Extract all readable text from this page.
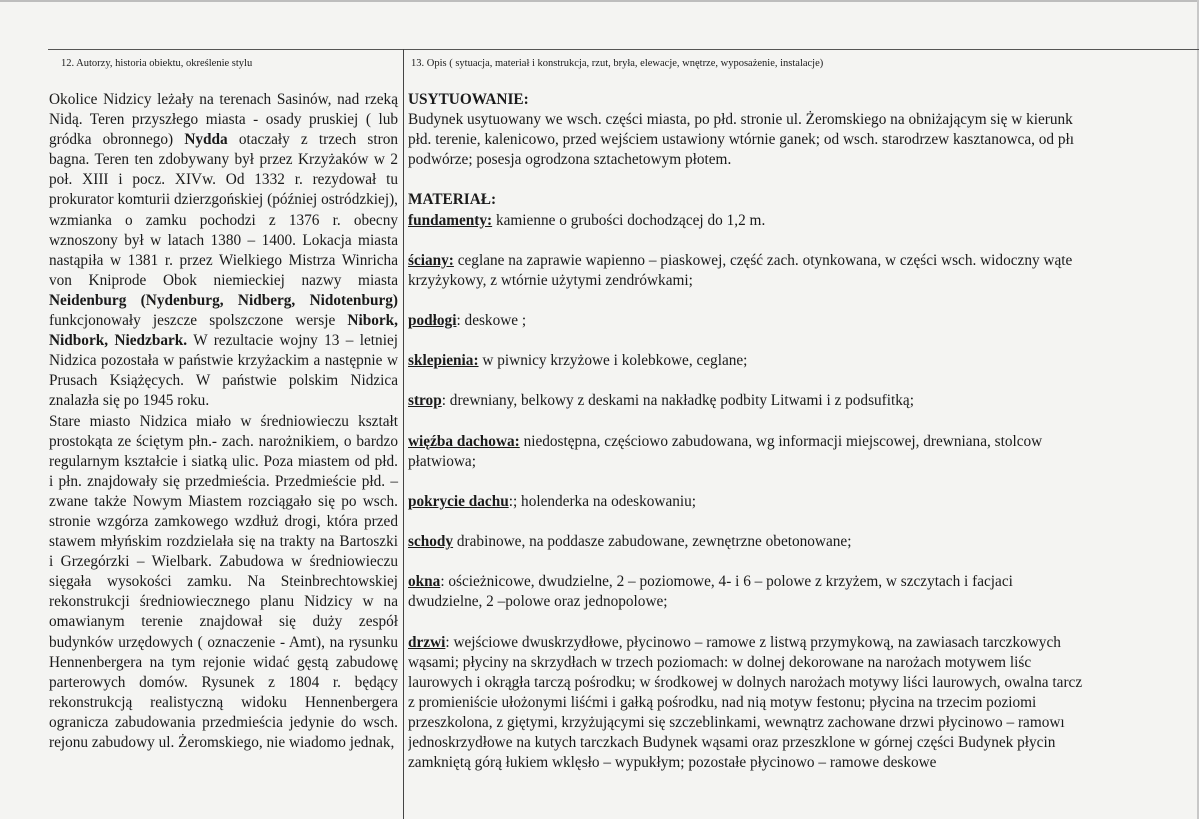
12. Autorzy, historia obiektu, określenie stylu	13. Opis ( sytuacja, materiał i konstrukcja, rzut, bryła, elewacje, wnętrze, wyposażenie, instalacje)

Okolice Nidzicy leżały na terenach Sasinów, nad rzeką Nidą. Teren przyszłego miasta - osady pruskiej ( lub gródka obronnego) Nydda otaczały z trzech stron bagna. Teren ten zdobywany był przez Krzyżaków w 2 poł. XIII i pocz. XIVw. Od 1332 r. rezydował tu prokurator komturii dzierzgońskiej (później ostródzkiej), wzmianka o zamku pochodzi z 1376 r. obecny wznoszony był w latach 1380 – 1400. Lokacja miasta nastąpiła w 1381 r. przez Wielkiego Mistrza Winricha von Kniprode Obok niemieckiej nazwy miasta Neidenburg (Nydenburg, Nidberg, Nidotenburg) funkcjonowały jeszcze spolszczone wersje Nibork, Nidbork, Niedzbark. W rezultacie wojny 13 – letniej Nidzica pozostała w państwie krzyżackim a następnie w Prusach Książęcych. W państwie polskim Nidzica znalazła się po 1945 roku.

Stare miasto Nidzica miało w średniowieczu kształt prostokąta ze ściętym płn.- zach. narożnikiem, o bardzo regularnym kształcie i siatką ulic. Poza miastem od płd. i płn. znajdowały się przedmieścia. Przedmieście płd. – zwane także Nowym Miastem rozciągało się po wsch. stronie wzgórza zamkowego wzdłuż drogi, która przed stawem młyńskim rozdzielała się na trakty na Bartoszki i Grzegórzki – Wielbark. Zabudowa w średniowieczu sięgała wysokości zamku. Na Steinbrechtowskiej rekonstrukcji średniowiecznego planu Nidzicy w na omawianym terenie znajdował się duży zespół budynków urzędowych ( oznaczenie - Amt), na rysunku Hennenbergera na tym rejonie widać gęstą zabudowę parterowych domów. Rysunek z 1804 r. będący rekonstrukcją realistyczną widoku Hennenbergera ogranicza zabudowania przedmieścia jedynie do wsch. rejonu zabudowy ul. Żeromskiego, nie wiadomo jednak,

USYTUOWANIE:
Budynek usytuowany we wsch. części miasta, po płd. stronie ul. Żeromskiego na obniżającym się w kierunk
płd. terenie, kalenicowo, przed wejściem ustawiony wtórnie ganek; od wsch. starodrzew kasztanowca, od płı
podwórze; posesja ogrodzona sztachetowym płotem.
MATERIAŁ:
fundamenty: kamienne o grubości dochodzącej do 1,2 m.
ściany: ceglane na zaprawie wapienno – piaskowej, część zach. otynkowana, w części wsch. widoczny wąte
krzyżykowy, z wtórnie użytymi zendrówkami;
podłogi: deskowe ;
sklepienia: w piwnicy krzyżowe i kolebkowe, ceglane;
strop: drewniany, belkowy z deskami na nakładkę podbity Litwami i z podsufitką;
więźba dachowa: niedostępna, częściowo zabudowana, wg informacji miejscowej, drewniana, stolcow
płatwiowa;
pokrycie dachu:; holenderka na odeskowaniu;
schody drabinowe, na poddasze zabudowane, zewnętrzne obetonowane;
okna: ościeżnicowe, dwudzielne, 2 – poziomowe, 4- i 6 – polowe z krzyżem, w szczytach i facjaci
dwudzielne, 2 –polowe oraz jednopolowe;
drzwi: wejściowe dwuskrzydłowe, płycinowo – ramowe z listwą przymykową, na zawiasach tarczkowych
wąsami; płyciny na skrzydłach w trzech poziomach: w dolnej dekorowane na narożach motywem liśc
laurowych i okrągła tarczą pośrodku; w środkowej w dolnych narożach motywy liści laurowych, owalna tarcz
z promieniście ułożonymi liśćmi i gałką pośrodku, nad nią motyw festonu; płycina na trzecim poziomi
przeszkolona, z giętymi, krzyżującymi się szczeblinkami, wewnątrz zachowane drzwi płycinowo – ramowı
jednoskrzydłowe na kutych tarczkach Budynek wąsami oraz przeszklone w górnej części Budynek płycin
zamkniętą górą łukiem wklęsło – wypukłym; pozostałe płycinowo – ramowe deskowe
